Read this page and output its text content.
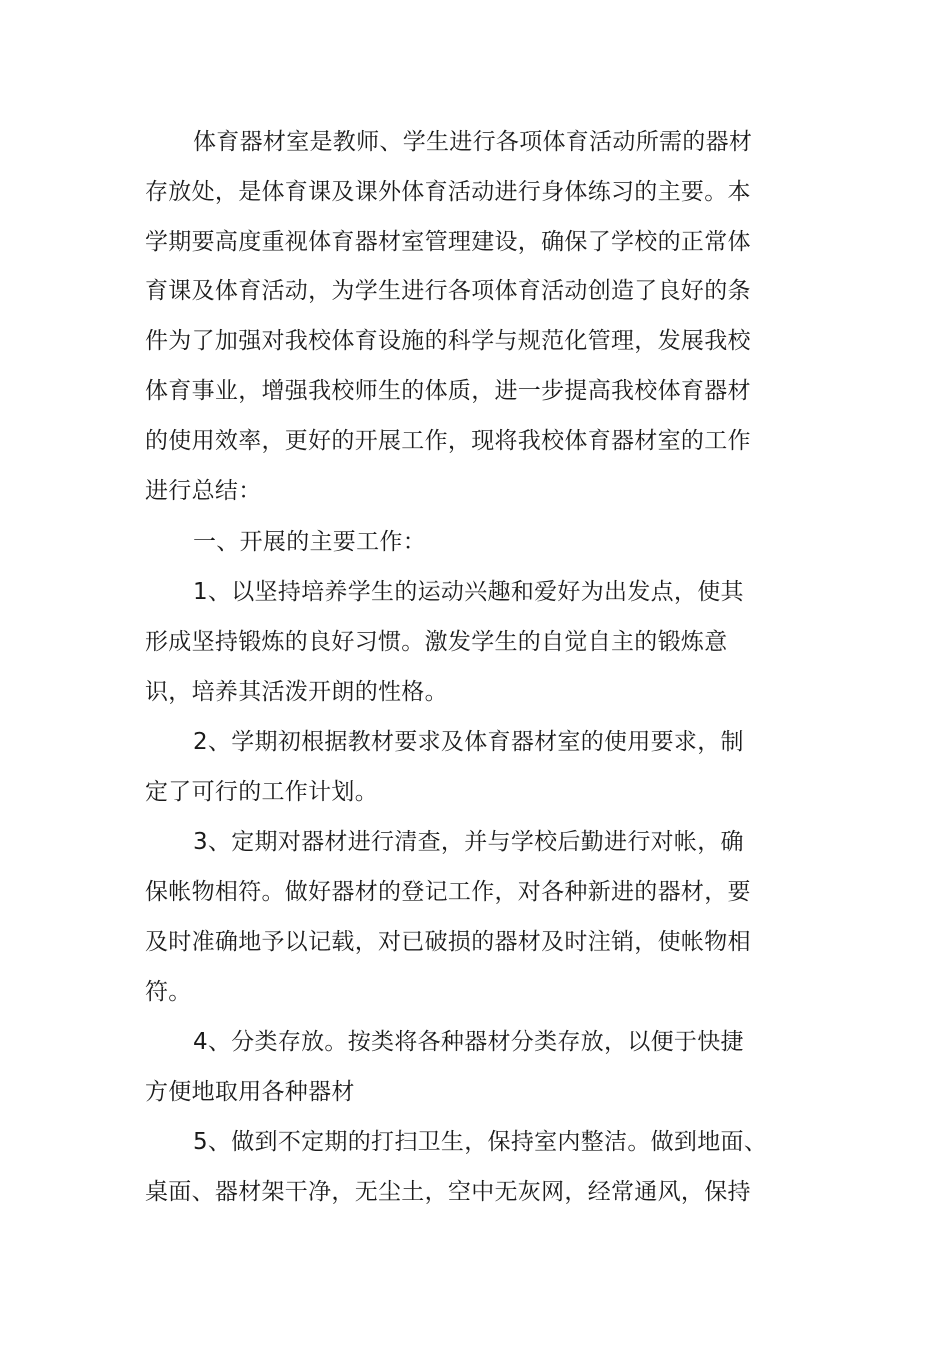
体育器材室是教师、学生进行各项体育活动所需的器材
存放处，是体育课及课外体育活动进行身体练习的主要。本
学期要高度重视体育器材室管理建设，确保了学校的正常体
育课及体育活动，为学生进行各项体育活动创造了良好的条
件为了加强对我校体育设施的科学与规范化管理，发展我校
体育事业，增强我校师生的体质，进一步提高我校体育器材
的使用效率，更好的开展工作，现将我校体育器材室的工作
进行总结：
一、开展的主要工作：
1、以坚持培养学生的运动兴趣和爱好为出发点，使其
形成坚持锻炼的良好习惯。激发学生的自觉自主的锻炼意
识，培养其活泼开朗的性格。
2、学期初根据教材要求及体育器材室的使用要求，制
定了可行的工作计划。
3、定期对器材进行清查，并与学校后勤进行对帐，确
保帐物相符。做好器材的登记工作，对各种新进的器材，要
及时准确地予以记载，对已破损的器材及时注销，使帐物相
符。
4、分类存放。按类将各种器材分类存放，以便于快捷
方便地取用各种器材
5、做到不定期的打扫卫生，保持室内整洁。做到地面、
桌面、器材架干净，无尘土，空中无灰网，经常通风，保持
